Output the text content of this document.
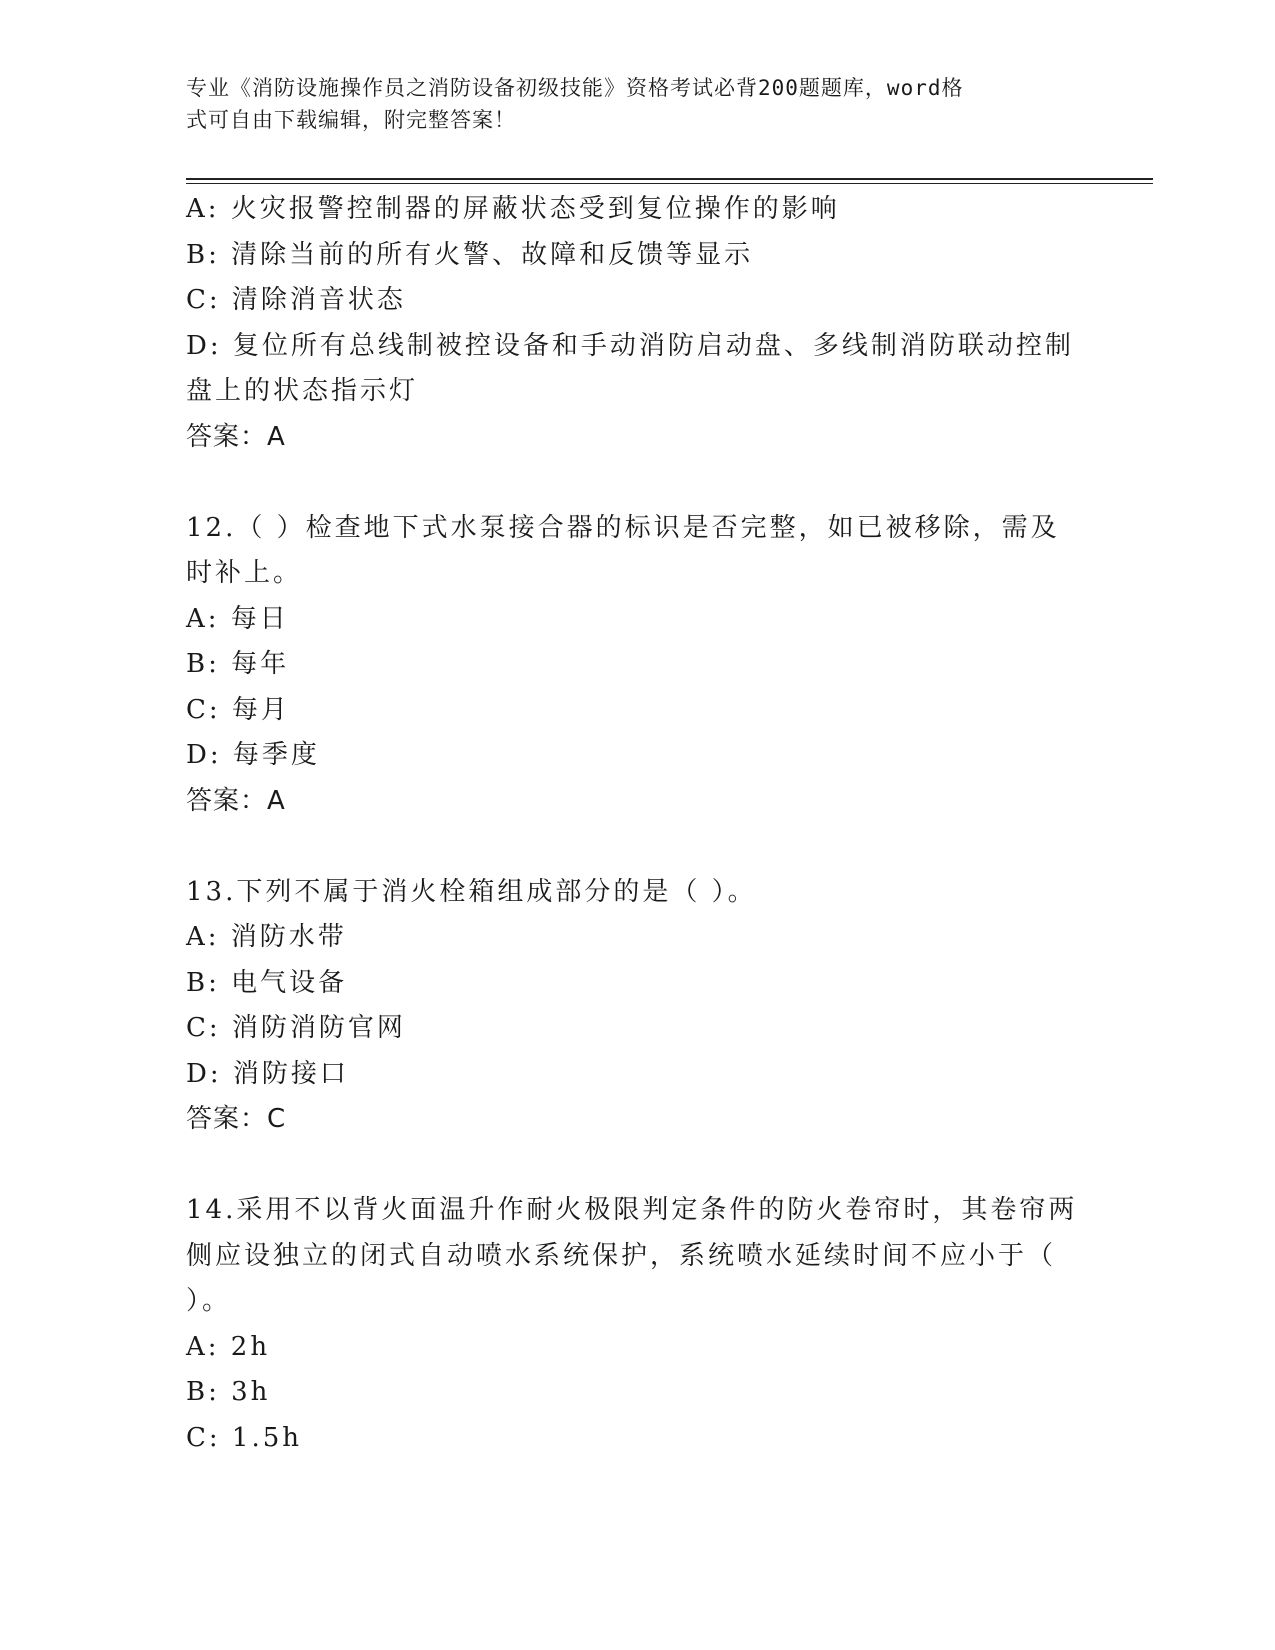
专业《消防设施操作员之消防设备初级技能》资格考试必背200题题库，word格
式可自由下载编辑，附完整答案！
A: 火灾报警控制器的屏蔽状态受到复位操作的影响
B: 清除当前的所有火警、故障和反馈等显示
C: 清除消音状态
D: 复位所有总线制被控设备和手动消防启动盘、多线制消防联动控制
盘上的状态指示灯
答案：A
12.（ ）检查地下式水泵接合器的标识是否完整，如已被移除，需及
时补上。
A: 每日
B: 每年
C: 每月
D: 每季度
答案：A
13.下列不属于消火栓箱组成部分的是（ ）。
A: 消防水带
B: 电气设备
C: 消防消防官网
D: 消防接口
答案：C
14.采用不以背火面温升作耐火极限判定条件的防火卷帘时，其卷帘两
侧应设独立的闭式自动喷水系统保护，系统喷水延续时间不应小于（
）。
A: 2h
B: 3h
C: 1.5h
